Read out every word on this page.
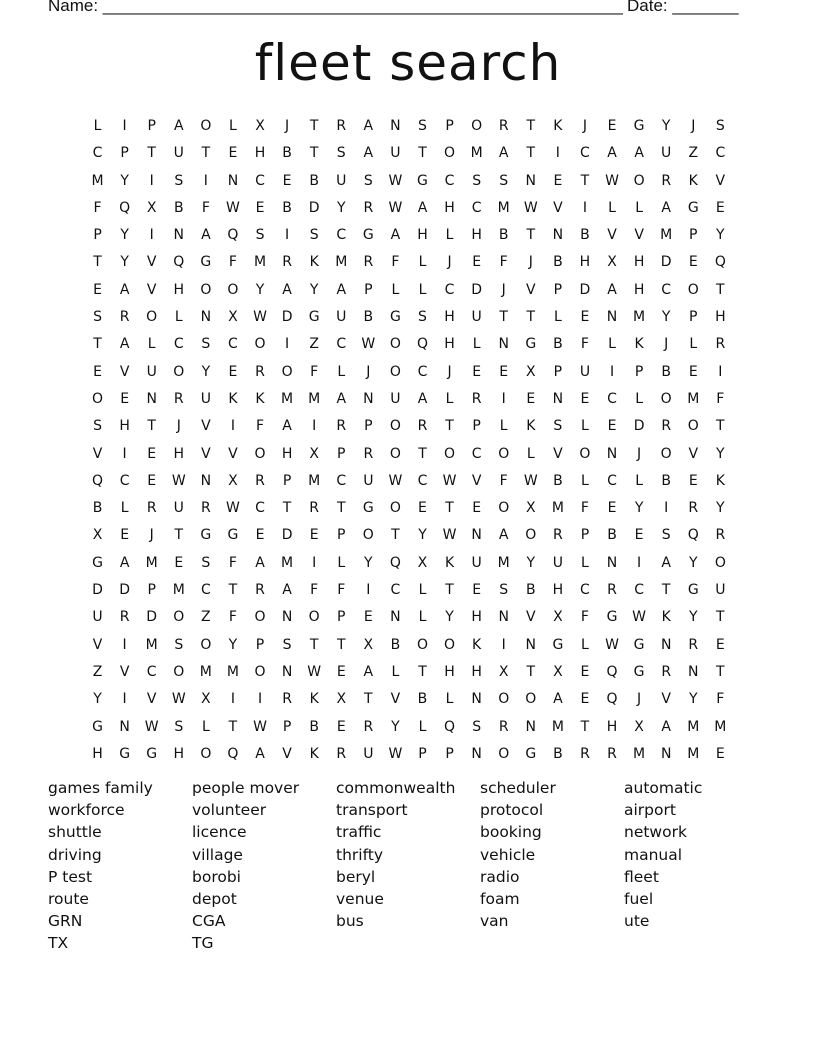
Name: _______________________________________________________ Date: _______
fleet search
L	I	P	A	O	L	X	J	T	R	A	N	S	P	O	R	T	K	J	E	G	Y	J	S
C	P	T	U	T	E	H	B	T	S	A	U	T	O	M	A	T	I	C	A	A	U	Z	C
M	Y	I	S	I	N	C	E	B	U	S	W	G	C	S	S	N	E	T	W	O	R	K	V
F	Q	X	B	F	W	E	B	D	Y	R	W	A	H	C	M	W	V	I	L	L	A	G	E
P	Y	I	N	A	Q	S	I	S	C	G	A	H	L	H	B	T	N	B	V	V	M	P	Y
T	Y	V	Q	G	F	M	R	K	M	R	F	L	J	E	F	J	B	H	X	H	D	E	Q
E	A	V	H	O	O	Y	A	Y	A	P	L	L	C	D	J	V	P	D	A	H	C	O	T
S	R	O	L	N	X	W	D	G	U	B	G	S	H	U	T	T	L	E	N	M	Y	P	H
T	A	L	C	S	C	O	I	Z	C	W	O	Q	H	L	N	G	B	F	L	K	J	L	R
E	V	U	O	Y	E	R	O	F	L	J	O	C	J	E	E	X	P	U	I	P	B	E	I
O	E	N	R	U	K	K	M	M	A	N	U	A	L	R	I	E	N	E	C	L	O	M	F
S	H	T	J	V	I	F	A	I	R	P	O	R	T	P	L	K	S	L	E	D	R	O	T
V	I	E	H	V	V	O	H	X	P	R	O	T	O	C	O	L	V	O	N	J	O	V	Y
Q	C	E	W	N	X	R	P	M	C	U	W	C	W	V	F	W	B	L	C	L	B	E	K
B	L	R	U	R	W	C	T	R	T	G	O	E	T	E	O	X	M	F	E	Y	I	R	Y
X	E	J	T	G	G	E	D	E	P	O	T	Y	W	N	A	O	R	P	B	E	S	Q	R
G	A	M	E	S	F	A	M	I	L	Y	Q	X	K	U	M	Y	U	L	N	I	A	Y	O
D	D	P	M	C	T	R	A	F	F	I	C	L	T	E	S	B	H	C	R	C	T	G	U
U	R	D	O	Z	F	O	N	O	P	E	N	L	Y	H	N	V	X	F	G	W	K	Y	T
V	I	M	S	O	Y	P	S	T	T	X	B	O	O	K	I	N	G	L	W	G	N	R	E
Z	V	C	O	M	M	O	N	W	E	A	L	T	H	H	X	T	X	E	Q	G	R	N	T
Y	I	V	W	X	I	I	R	K	X	T	V	B	L	N	O	O	A	E	Q	J	V	Y	F
G	N	W	S	L	T	W	P	B	E	R	Y	L	Q	S	R	N	M	T	H	X	A	M	M
H	G	G	H	O	Q	A	V	K	R	U	W	P	P	N	O	G	B	R	R	M	N	M	E
games family
workforce
shuttle
driving
P test
route
GRN
TX
people mover
volunteer
licence
village
borobi
depot
CGA
TG
commonwealth
transport
traffic
thrifty
beryl
venue
bus
scheduler
protocol
booking
vehicle
radio
foam
van
automatic
airport
network
manual
fleet
fuel
ute
